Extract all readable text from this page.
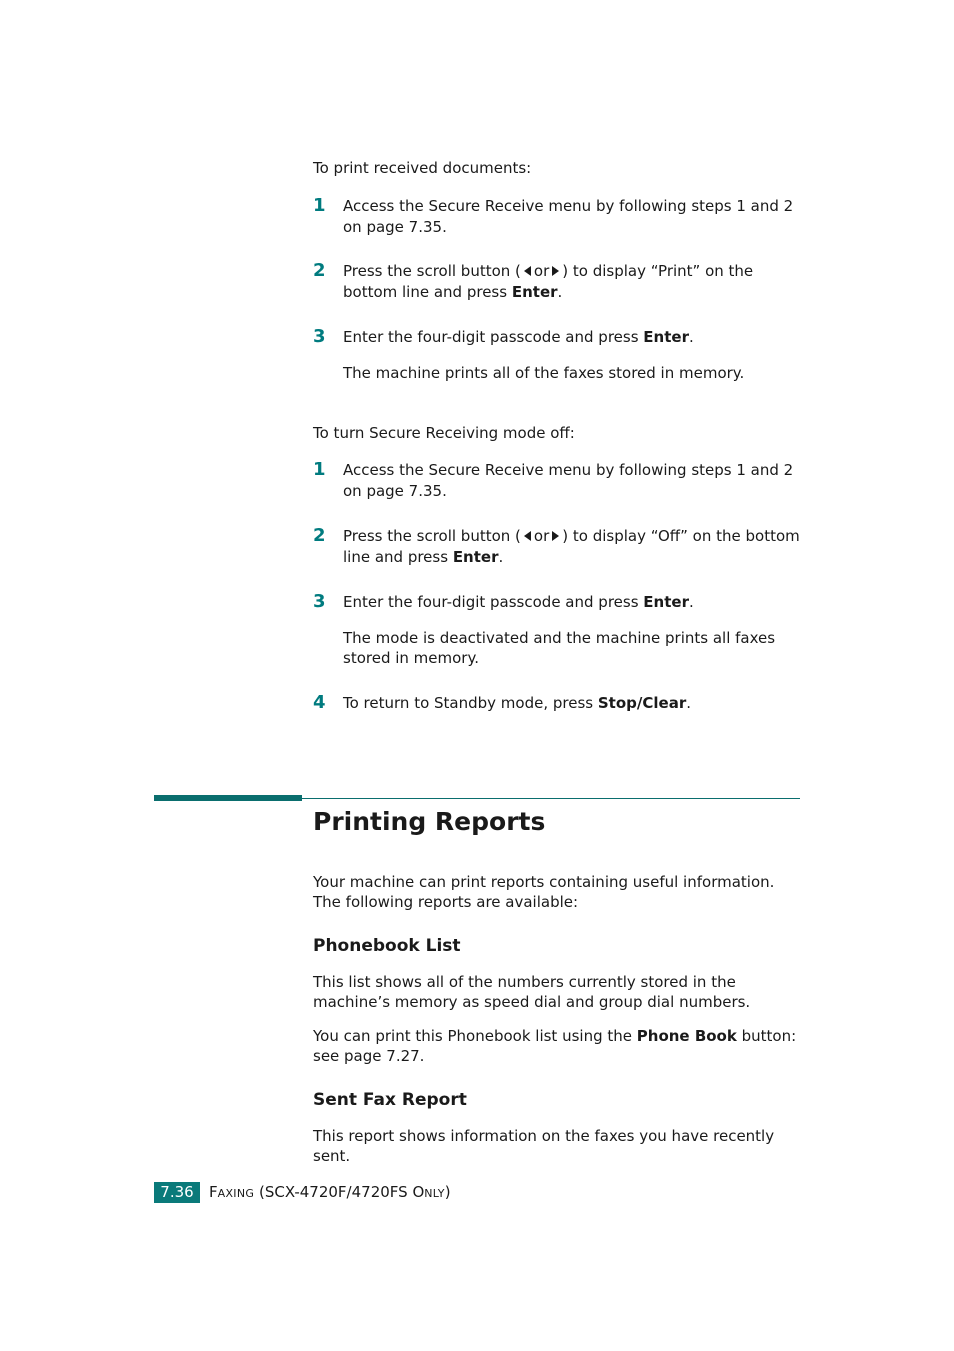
To print received documents:

1 Access the Secure Receive menu by following steps 1 and 2 on page 7.35.

2 Press the scroll button ( or ) to display “Print” on the bottom line and press Enter.

3 Enter the four-digit passcode and press Enter.

The machine prints all of the faxes stored in memory.

To turn Secure Receiving mode off:

1 Access the Secure Receive menu by following steps 1 and 2 on page 7.35.

2 Press the scroll button ( or ) to display “Off” on the bottom line and press Enter.

3 Enter the four-digit passcode and press Enter.

The mode is deactivated and the machine prints all faxes stored in memory.

4 To return to Standby mode, press Stop/Clear.

Printing Reports

Your machine can print reports containing useful information. The following reports are available:

Phonebook List

This list shows all of the numbers currently stored in the machine’s memory as speed dial and group dial numbers.

You can print this Phonebook list using the Phone Book button: see page 7.27.

Sent Fax Report

This report shows information on the faxes you have recently sent.

7.36	FAXING (SCX-4720F/4720FS ONLY)
